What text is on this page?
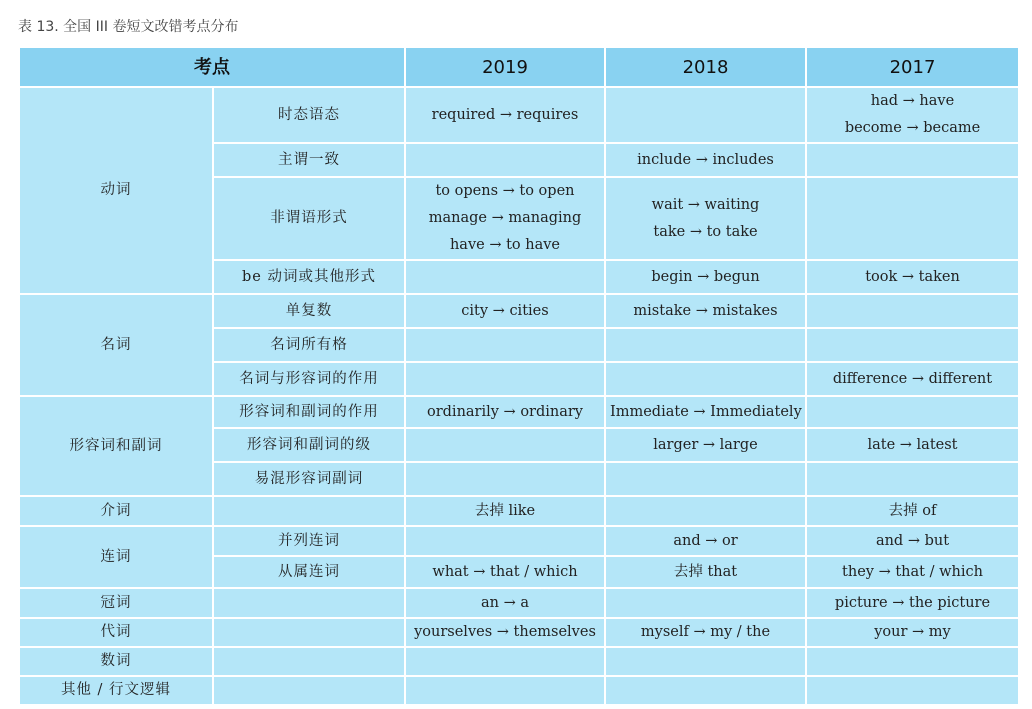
表 13. 全国 III 卷短文改错考点分布
考点		2019	2018	2017
动词	时态语态	required → requires		had → have
become → became

	主谓一致		include → includes	

	非谓语形式	to opens → to open
manage → managing
have → to have	wait → waiting
take → to take	

	be 动词或其他形式		begin → begun	took → taken

名词	单复数	city → cities	mistake → mistakes	

	名词所有格			
	名词与形容词的作用			difference → different

形容词和副词	形容词和副词的作用	ordinarily → ordinary	Immediate → Immediately	

	形容词和副词的级		larger → large	late → latest

	易混形容词副词			
介词		去掉 like		去掉 of

连词	并列连词		and → or	and → but

	从属连词	what → that / which	去掉 that	they → that / which

冠词		an → a		picture → the picture

代词		yourselves → themselves	myself → my / the	your → my

数词				
其他 / 行文逻辑				
